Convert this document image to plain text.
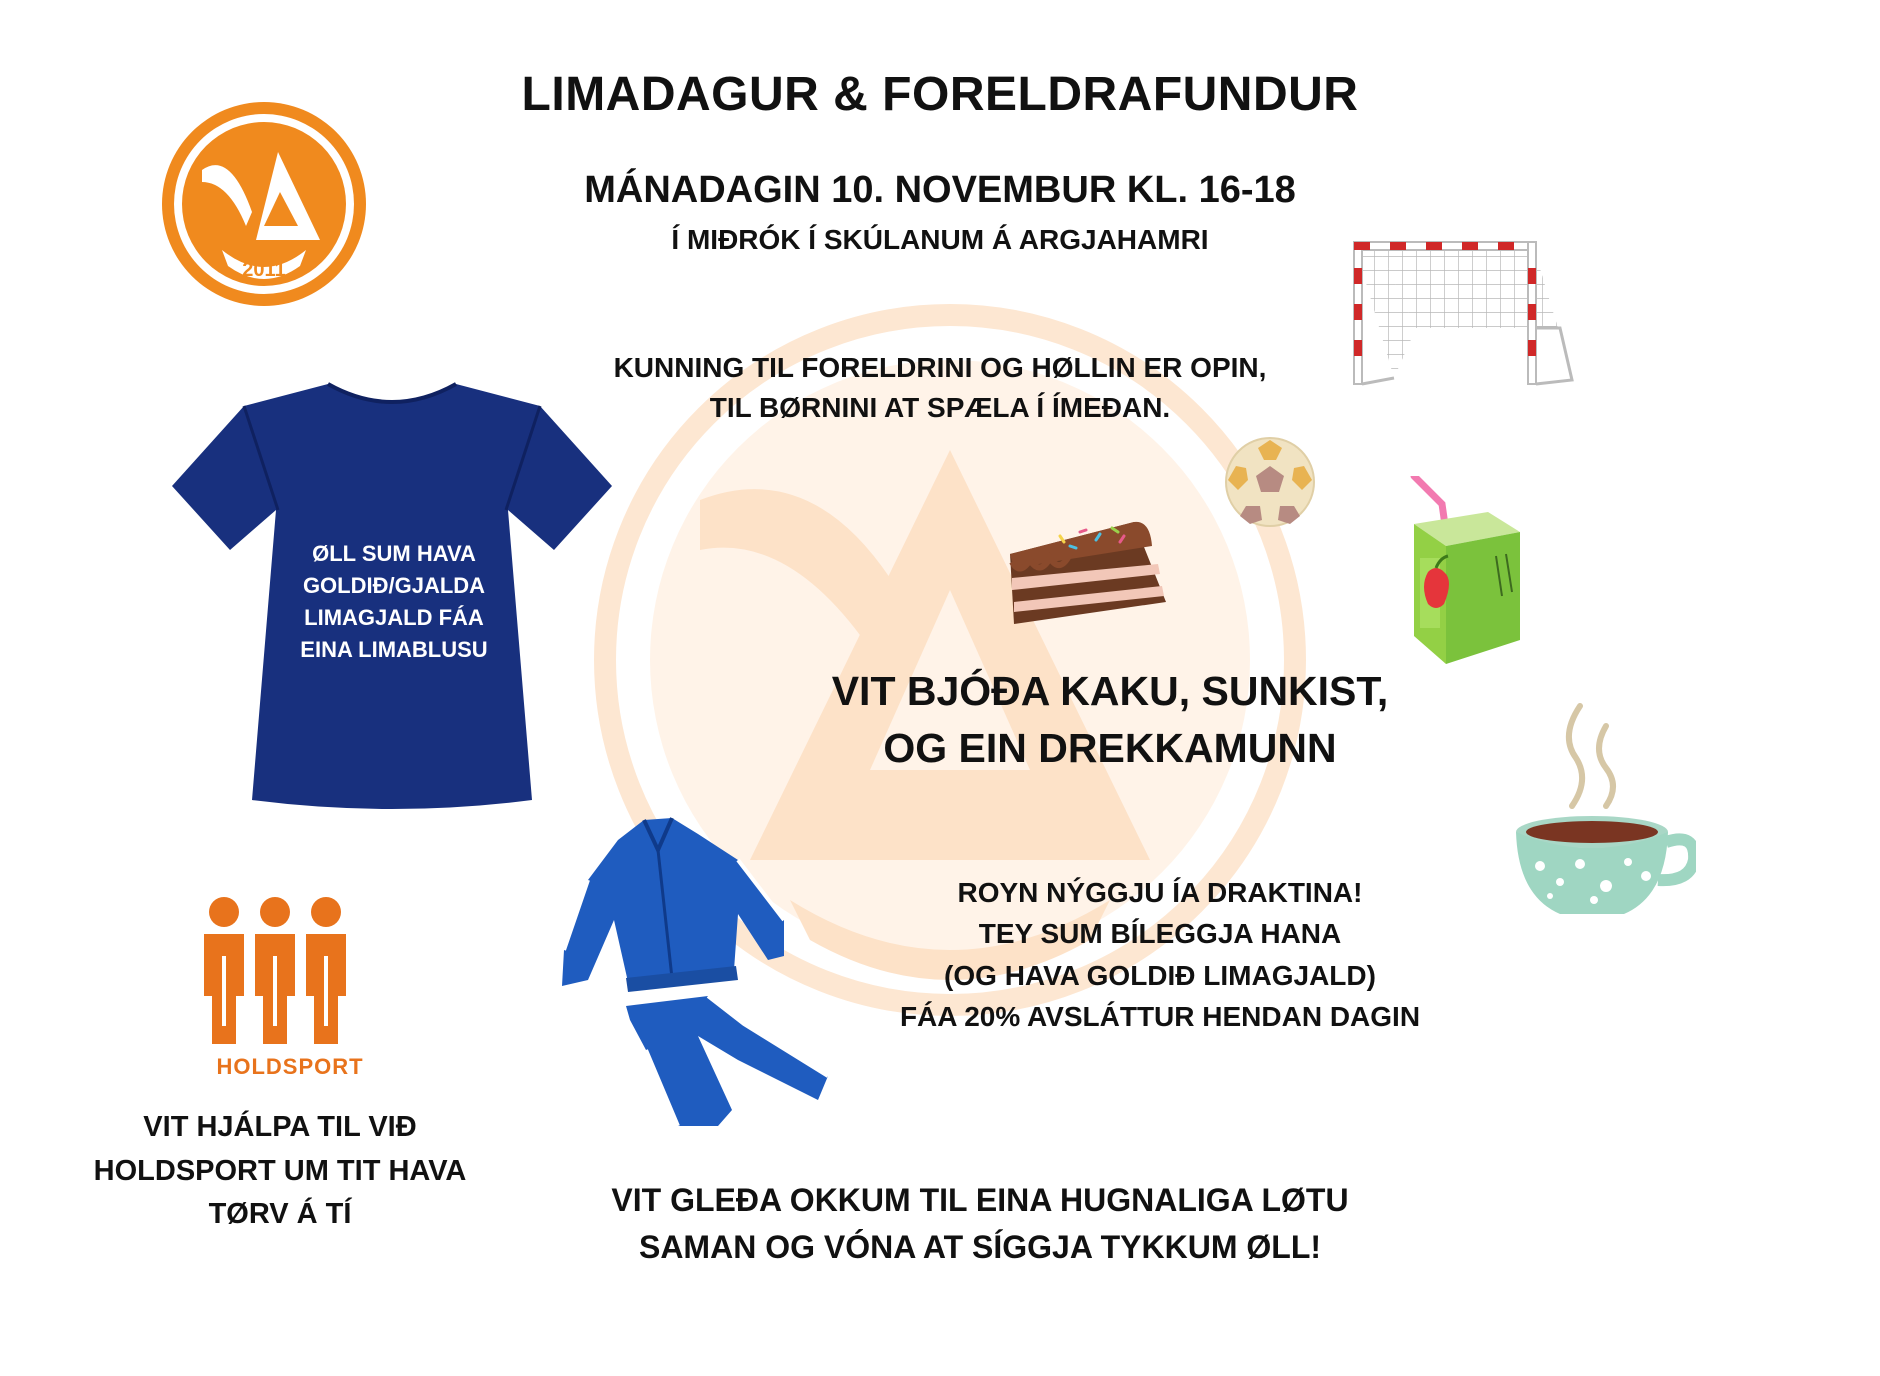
2011
LIMADAGUR & FORELDRAFUNDUR
MÁNADAGIN 10. NOVEMBUR KL. 16-18
Í MIÐRÓK Í SKÚLANUM Á ARGJAHAMRI
KUNNING TIL FORELDRINI OG HØLLIN ER OPIN,
TIL BØRNINI AT SPÆLA Í ÍMEÐAN.
ØLL SUM HAVA
GOLDIÐ/GJALDA
LIMAGJALD FÁA
EINA LIMABLUSU
VIT BJÓÐA KAKU, SUNKIST,
OG EIN DREKKAMUNN
ROYN NÝGGJU ÍA DRAKTINA!
TEY SUM BÍLEGGJA HANA
(OG HAVA GOLDIÐ LIMAGJALD)
FÁA 20% AVSLÁTTUR HENDAN DAGIN
HOLDSPORT
VIT HJÁLPA TIL VIÐ
HOLDSPORT UM TIT HAVA
TØRV Á TÍ	VIT GLEÐA OKKUM TIL EINA HUGNALIGA LØTU
SAMAN OG VÓNA AT SÍGGJA TYKKUM ØLL!
